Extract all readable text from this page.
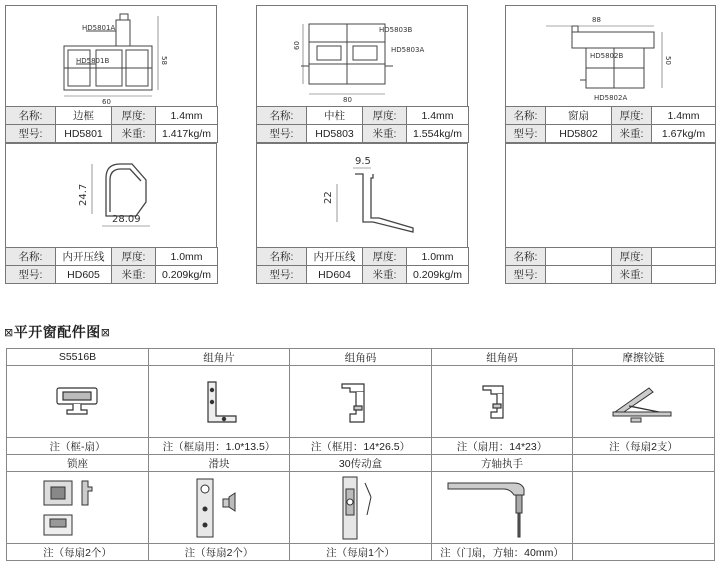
HD5801A
HD5801B
60
58
HD5803B
HD5803A
80
60
88
HD5802B
HD5802A
50
24.7
28.09
9.5
22
名称:	边框	厚度:	1.4mm
型号:	HD5801	米重:	1.417kg/m
名称:	中柱	厚度:	1.4mm
型号:	HD5803	米重:	1.554kg/m
名称:	窗扇	厚度:	1.4mm
型号:	HD5802	米重:	1.67kg/m
名称:	内开压线	厚度:	1.0mm
型号:	HD605	米重:	0.209kg/m
名称:	内开压线	厚度:	1.0mm
型号:	HD604	米重:	0.209kg/m
名称:		厚度:	
型号:		米重:	
⊠平开窗配件图⊠
S5516B	组角片	组角码	组角码	摩擦铰链

注（框-扇）	注（框扇用：1.0*13.5）	注（框用：14*26.5）	注（扇用：14*23）	注（每扇2支）
锁座	滑块	30传动盒	方轴执手	

注（每扇2个）	注（每扇2个）	注（每扇1个）	注（门扇，方轴：40mm）	
